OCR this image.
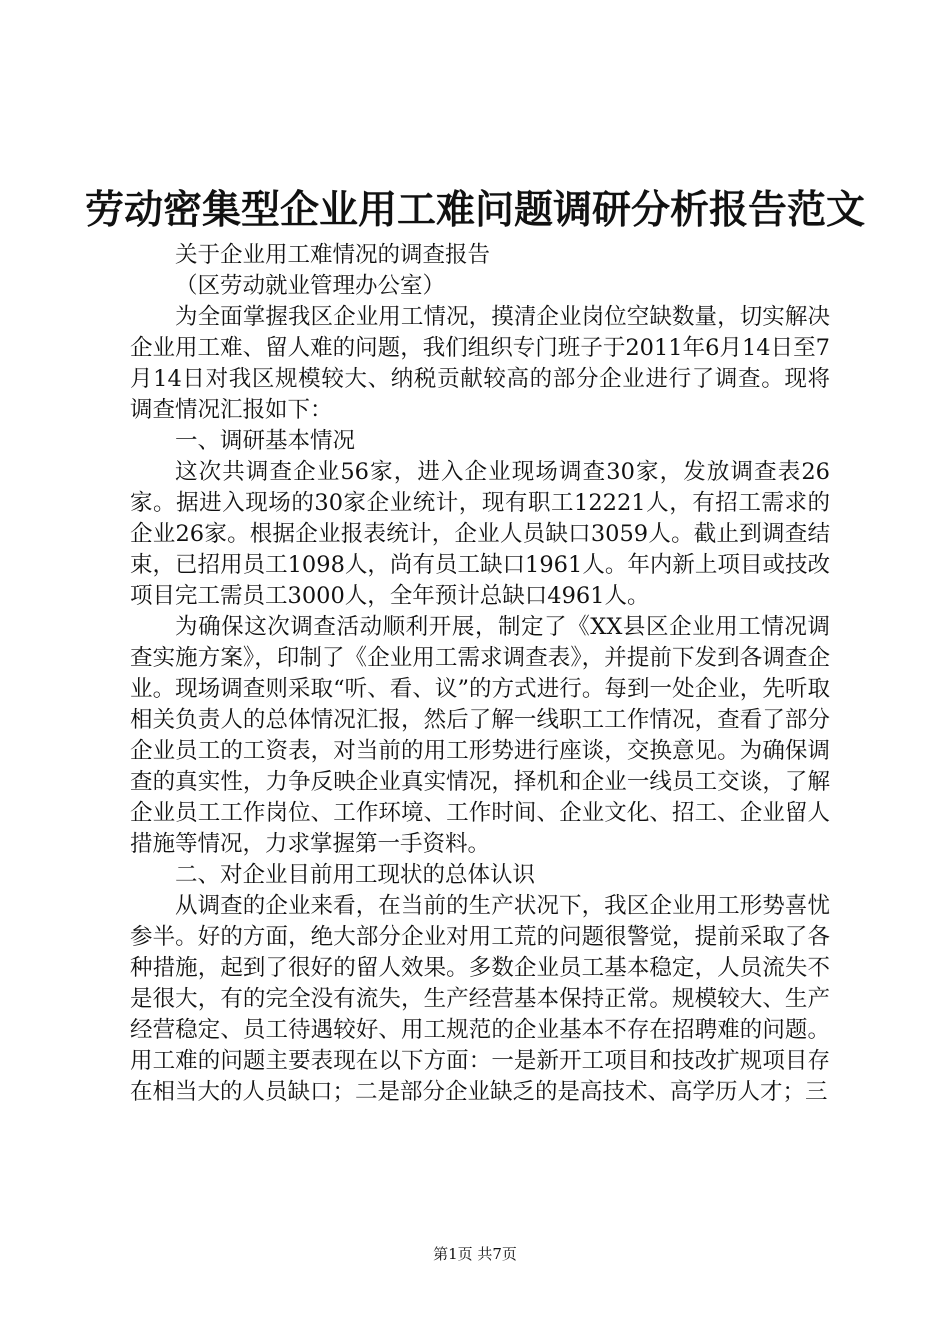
劳动密集型企业用工难问题调研分析报告范文

关于企业用工难情况的调查报告

（区劳动就业管理办公室）

为全面掌握我区企业用工情况，摸清企业岗位空缺数量，切实解决企业用工难、留人难的问题，我们组织专门班子于2011年6月14日至7月14日对我区规模较大、纳税贡献较高的部分企业进行了调查。现将调查情况汇报如下：

一、调研基本情况

这次共调查企业56家，进入企业现场调查30家，发放调查表26家。据进入现场的30家企业统计，现有职工12221人，有招工需求的企业26家。根据企业报表统计，企业人员缺口3059人。截止到调查结束，已招用员工1098人，尚有员工缺口1961人。年内新上项目或技改项目完工需员工3000人，全年预计总缺口4961人。

为确保这次调查活动顺利开展，制定了《XX县区企业用工情况调查实施方案》，印制了《企业用工需求调查表》，并提前下发到各调查企业。现场调查则采取“听、看、议”的方式进行。每到一处企业，先听取相关负责人的总体情况汇报，然后了解一线职工工作情况，查看了部分企业员工的工资表，对当前的用工形势进行座谈，交换意见。为确保调查的真实性，力争反映企业真实情况，择机和企业一线员工交谈，了解企业员工工作岗位、工作环境、工作时间、企业文化、招工、企业留人措施等情况，力求掌握第一手资料。

二、对企业目前用工现状的总体认识

从调查的企业来看，在当前的生产状况下，我区企业用工形势喜忧参半。好的方面，绝大部分企业对用工荒的问题很警觉，提前采取了各种措施，起到了很好的留人效果。多数企业员工基本稳定，人员流失不是很大，有的完全没有流失，生产经营基本保持正常。规模较大、生产经营稳定、员工待遇较好、用工规范的企业基本不存在招聘难的问题。用工难的问题主要表现在以下方面：一是新开工项目和技改扩规项目存在相当大的人员缺口；二是部分企业缺乏的是高技术、高学历人才；三

第1页 共7页
